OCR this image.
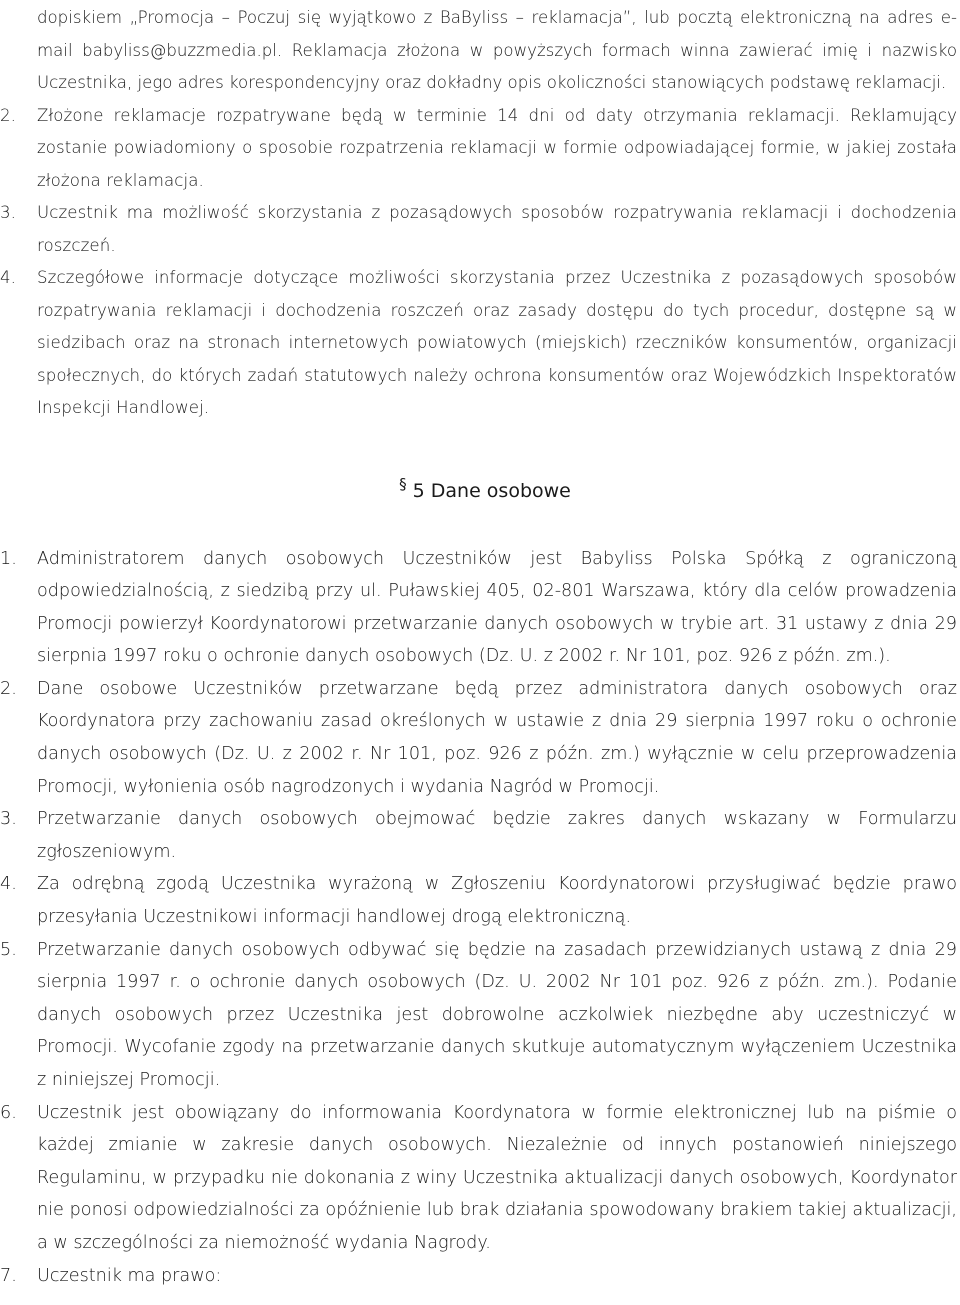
dopiskiem „Promocja – Poczuj się wyjątkowo z BaByliss – reklamacja”, lub pocztą elektroniczną na adres e-mail babyliss@buzzmedia.pl. Reklamacja złożona w powyższych formach winna zawierać imię i nazwisko Uczestnika, jego adres korespondencyjny oraz dokładny opis okoliczności stanowiących podstawę reklamacji.
2.	Złożone reklamacje rozpatrywane będą w terminie 14 dni od daty otrzymania reklamacji. Reklamujący zostanie powiadomiony o sposobie rozpatrzenia reklamacji w formie odpowiadającej formie, w jakiej została złożona reklamacja.
3.	Uczestnik ma możliwość skorzystania z pozasądowych sposobów rozpatrywania reklamacji i dochodzenia roszczeń.
4.	Szczegółowe informacje dotyczące możliwości skorzystania przez Uczestnika z pozasądowych sposobów rozpatrywania reklamacji i dochodzenia roszczeń oraz zasady dostępu do tych procedur, dostępne są w siedzibach oraz na stronach internetowych powiatowych (miejskich) rzeczników konsumentów, organizacji społecznych, do których zadań statutowych należy ochrona konsumentów oraz Wojewódzkich Inspektoratów Inspekcji Handlowej.
§ 5 Dane osobowe
1.	Administratorem danych osobowych Uczestników jest Babyliss Polska Spółką z ograniczoną odpowiedzialnością, z siedzibą przy ul. Puławskiej 405, 02-801 Warszawa, który dla celów prowadzenia Promocji powierzył Koordynatorowi przetwarzanie danych osobowych w trybie art. 31 ustawy z dnia 29 sierpnia 1997 roku o ochronie danych osobowych (Dz. U. z 2002 r. Nr 101, poz. 926 z późn. zm.).
2.	Dane osobowe Uczestników przetwarzane będą przez administratora danych osobowych oraz Koordynatora przy zachowaniu zasad określonych w ustawie z dnia 29 sierpnia 1997 roku o ochronie danych osobowych (Dz. U. z 2002 r. Nr 101, poz. 926 z późn. zm.) wyłącznie w celu przeprowadzenia Promocji, wyłonienia osób nagrodzonych i wydania Nagród w Promocji.
3.	Przetwarzanie danych osobowych obejmować będzie zakres danych wskazany w Formularzu zgłoszeniowym.
4.	Za odrębną zgodą Uczestnika wyrażoną w Zgłoszeniu Koordynatorowi przysługiwać będzie prawo przesyłania Uczestnikowi informacji handlowej drogą elektroniczną.
5.	Przetwarzanie danych osobowych odbywać się będzie na zasadach przewidzianych ustawą z dnia 29 sierpnia 1997 r. o ochronie danych osobowych (Dz. U. 2002 Nr 101 poz. 926 z późn. zm.). Podanie danych osobowych przez Uczestnika jest dobrowolne aczkolwiek niezbędne aby uczestniczyć w Promocji. Wycofanie zgody na przetwarzanie danych skutkuje automatycznym wyłączeniem Uczestnika z niniejszej Promocji.
6.	Uczestnik jest obowiązany do informowania Koordynatora w formie elektronicznej lub na piśmie o każdej zmianie w zakresie danych osobowych. Niezależnie od innych postanowień niniejszego Regulaminu, w przypadku nie dokonania z winy Uczestnika aktualizacji danych osobowych, Koordynator nie ponosi odpowiedzialności za opóźnienie lub brak działania spowodowany brakiem takiej aktualizacji, a w szczególności za niemożność wydania Nagrody.
7.	Uczestnik ma prawo:
